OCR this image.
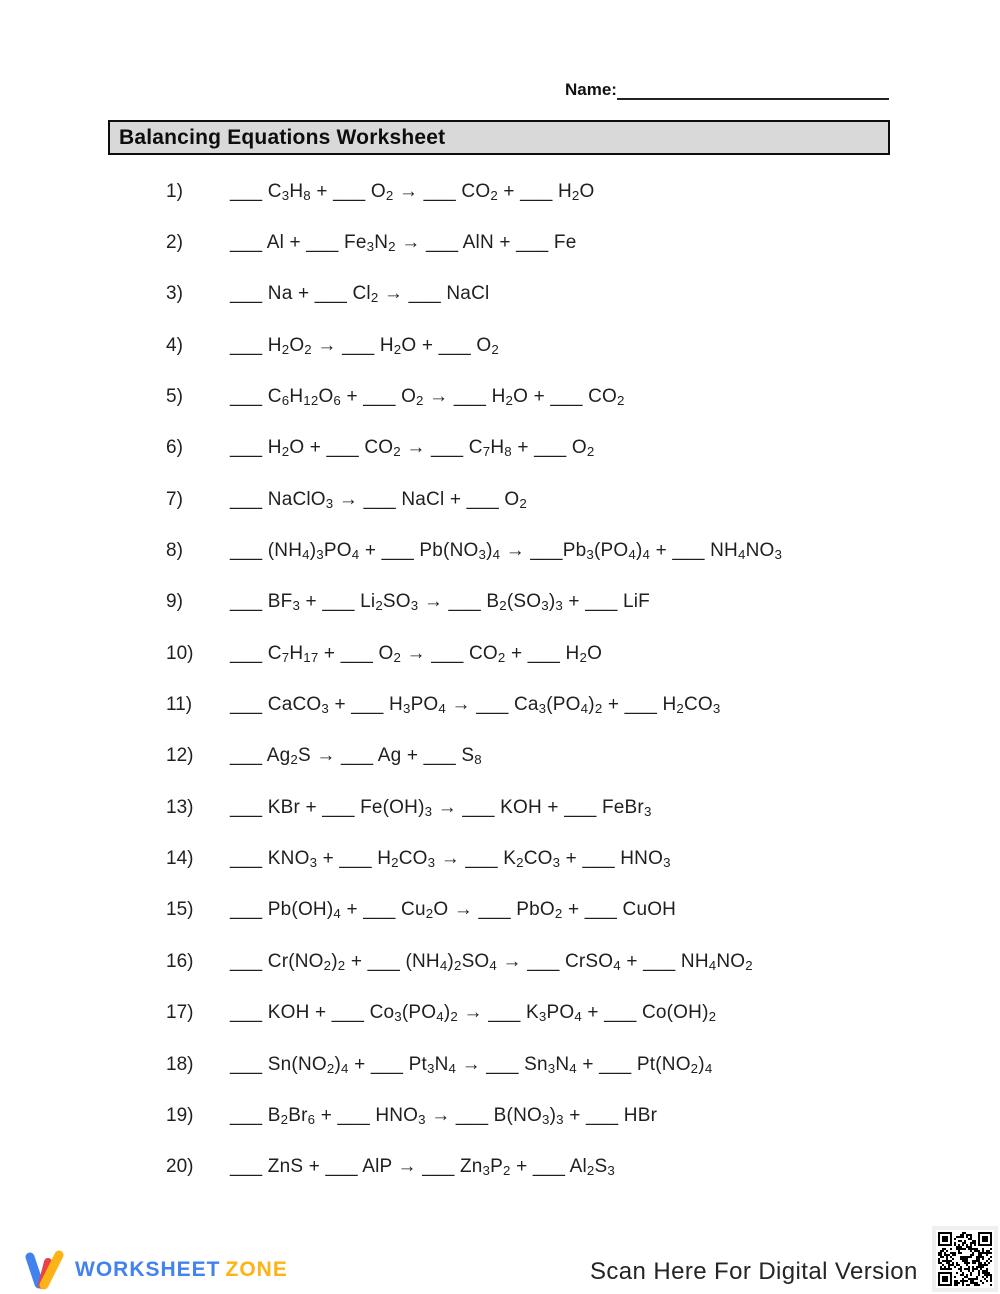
Name:
Balancing Equations Worksheet
1)	___ $C_3H_8$ + ___ $O_2$ → ___ $CO_2$ + ___ $H_2O$
2)	___ Al + ___ $Fe_3N_2$ → ___ AlN + ___ Fe
3)	___ Na + ___ $Cl_2$ → ___ NaCl
4)	___ $H_2O_2$ → ___ $H_2O$ + ___ $O_2$
5)	___ $C_6H_{12}O_6$ + ___ $O_2$ → ___ $H_2O$ + ___ $CO_2$
6)	___ $H_2O$ + ___ $CO_2$ → ___ $C_7H_8$ + ___ $O_2$
7)	___ NaClO$_3$ → ___ NaCl + ___ $O_2$
8)	___ $(NH_4)_3PO_4$ + ___ $Pb(NO_3)_4$ → $\_\_\_Pb_3(PO_4)_4$ + ___ $NH_4NO_3$
9)	___ $BF_3$ + ___ $Li_2SO_3$ → ___ $B_2(SO_3)_3$ + ___ LiF
10)	___ $C_7H_{17}$ + ___ $O_2$ → ___ $CO_2$ + ___ $H_2O$
11)	___ CaCO$_3$ + ___ $H_3PO_4$ → ___ $Ca_3(PO_4)_2$ + ___ $H_2CO_3$
12)	___ $Ag_2S$ → ___ Ag + ___ $S_8$
13)	___ KBr + ___ $Fe(OH)_3$ → ___ KOH + ___ FeBr$_3$
14)	___ $KNO_3$ + ___ $H_2CO_3$ → ___ $K_2CO_3$ + ___ $HNO_3$
15)	___ $Pb(OH)_4$ + ___ $Cu_2O$ → ___ PbO$_2$ + ___ CuOH
16)	___ $Cr(NO_2)_2$ + ___ $(NH_4)_2SO_4$ → ___ CrSO$_4$ + ___ $NH_4NO_2$
17)	___ KOH + ___ $Co_3(PO_4)_2$ → ___ $K_3PO_4$ + ___ $Co(OH)_2$
18)	___ $Sn(NO_2)_4$ + ___ $Pt_3N_4$ → ___ $Sn_3N_4$ + ___ $Pt(NO_2)_4$
19)	___ $B_2Br_6$ + ___ $HNO_3$ → ___ $B(NO_3)_3$ + ___ HBr
20)	___ ZnS + ___ AlP → ___ $Zn_3P_2$ + ___ $Al_2S_3$
WORKSHEET ZONE	Scan Here For Digital Version
